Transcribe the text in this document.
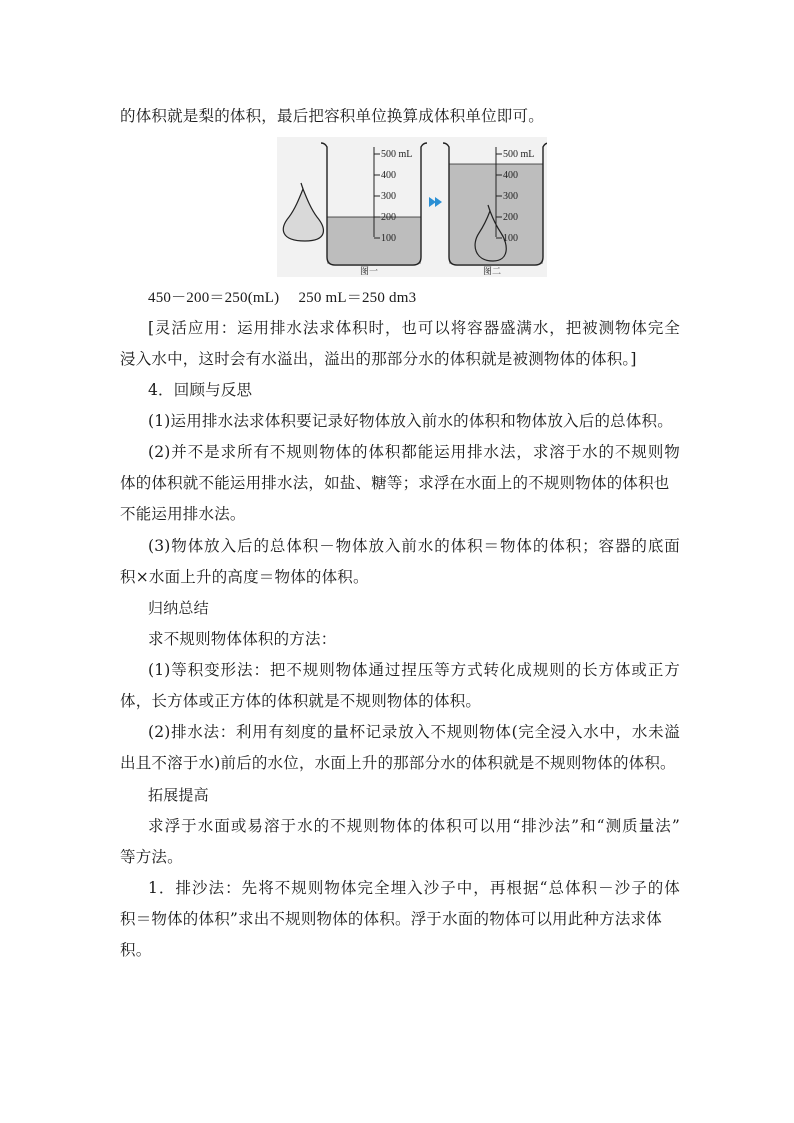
的体积就是梨的体积，最后把容积单位换算成体积单位即可。
500 mL
400
300
200
100
图一
500 mL
400
300
200
100
图二
450－200＝250(mL)　 250 mL＝250 dm3
[灵活应用：运用排水法求体积时，也可以将容器盛满水，把被测物体完全
浸入水中，这时会有水溢出，溢出的那部分水的体积就是被测物体的体积。]
4．回顾与反思
(1)运用排水法求体积要记录好物体放入前水的体积和物体放入后的总体积。
(2)并不是求所有不规则物体的体积都能运用排水法，求溶于水的不规则物
体的体积就不能运用排水法，如盐、糖等；求浮在水面上的不规则物体的体积也
不能运用排水法。
(3)物体放入后的总体积－物体放入前水的体积＝物体的体积；容器的底面
积×水面上升的高度＝物体的体积。
归纳总结
求不规则物体体积的方法：
(1)等积变形法：把不规则物体通过捏压等方式转化成规则的长方体或正方
体，长方体或正方体的体积就是不规则物体的体积。
(2)排水法：利用有刻度的量杯记录放入不规则物体(完全浸入水中，水未溢
出且不溶于水)前后的水位，水面上升的那部分水的体积就是不规则物体的体积。
拓展提高
求浮于水面或易溶于水的不规则物体的体积可以用“排沙法”和“测质量法”
等方法。
1．排沙法：先将不规则物体完全埋入沙子中，再根据“总体积－沙子的体
积＝物体的体积”求出不规则物体的体积。浮于水面的物体可以用此种方法求体
积。
